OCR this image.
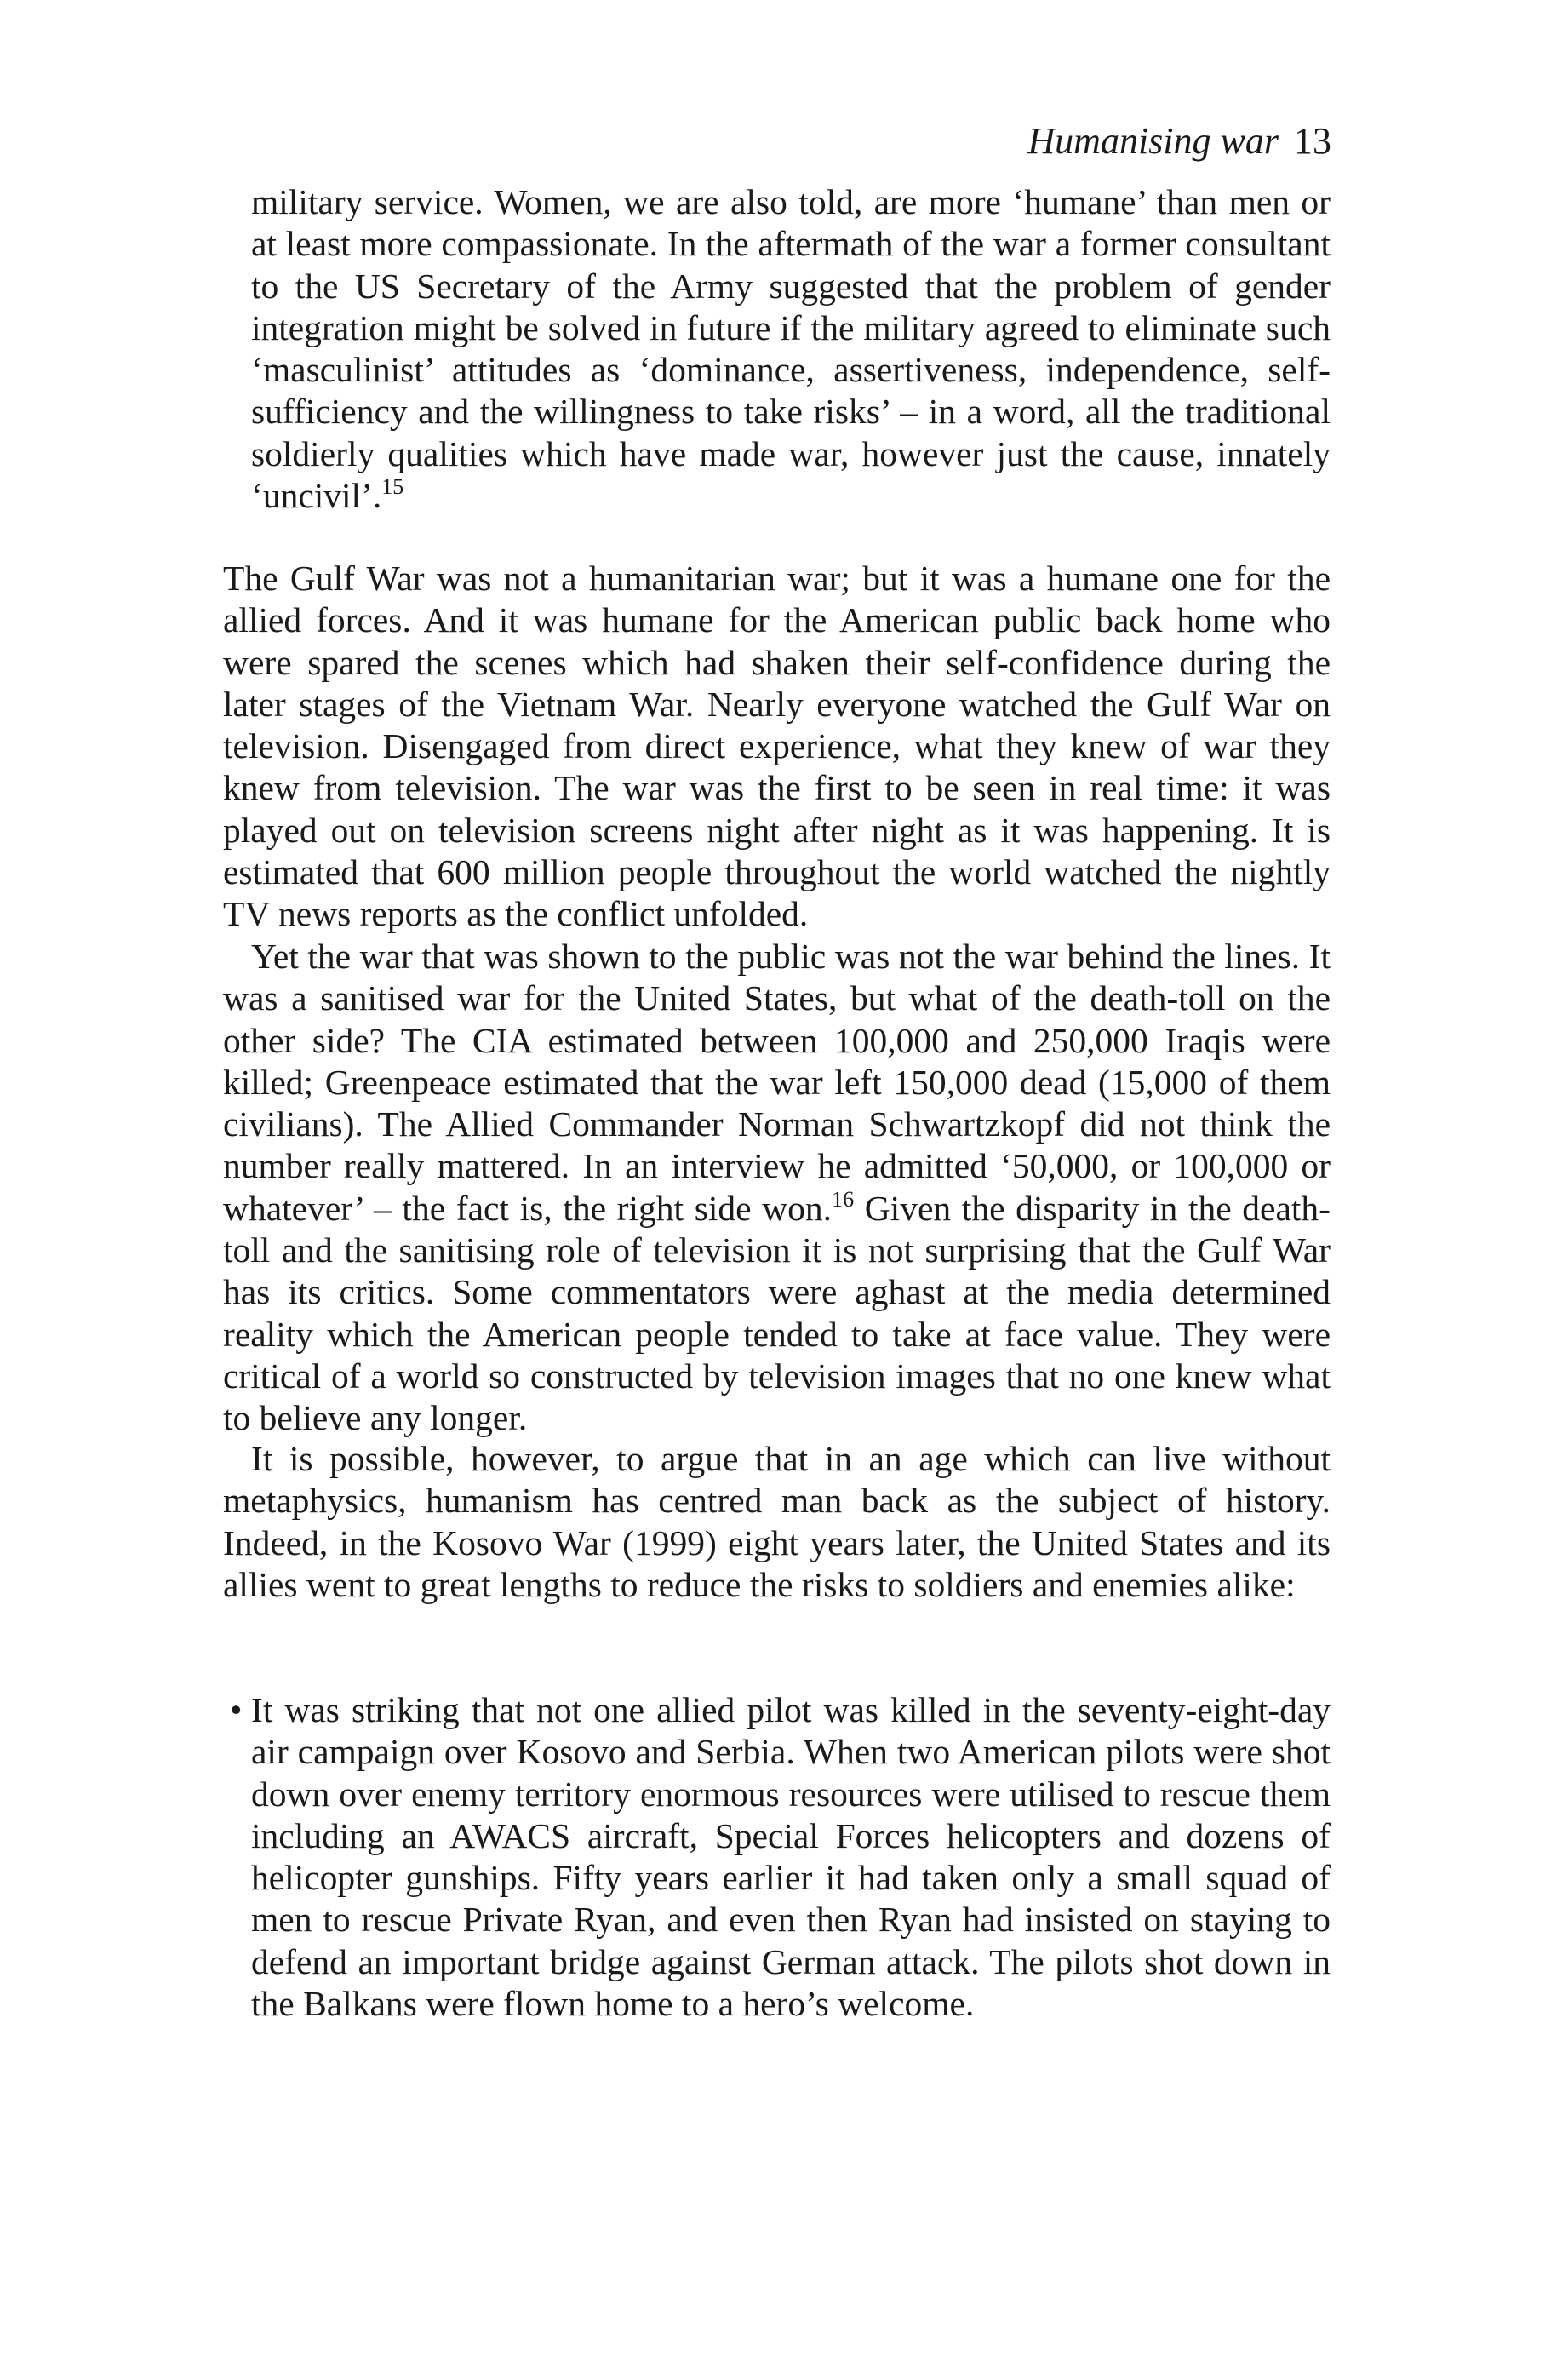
Humanising war 13

military service. Women, we are also told, are more ‘humane’ than men or at least more compassionate. In the aftermath of the war a former consultant to the US Secretary of the Army suggested that the problem of gender integration might be solved in future if the military agreed to eliminate such ‘masculinist’ attitudes as ‘dominance, assertiveness, independence, self-sufficiency and the willingness to take risks’ – in a word, all the traditional soldierly qualities which have made war, however just the cause, innately ‘uncivil’.$^{15}$

The Gulf War was not a humanitarian war; but it was a humane one for the allied forces. And it was humane for the American public back home who were spared the scenes which had shaken their self-confidence during the later stages of the Vietnam War. Nearly everyone watched the Gulf War on television. Disengaged from direct experience, what they knew of war they knew from television. The war was the first to be seen in real time: it was played out on television screens night after night as it was happening. It is estimated that 600 million people throughout the world watched the nightly TV news reports as the conflict unfolded.

Yet the war that was shown to the public was not the war behind the lines. It was a sanitised war for the United States, but what of the death-toll on the other side? The CIA estimated between 100,000 and 250,000 Iraqis were killed; Greenpeace estimated that the war left 150,000 dead (15,000 of them civilians). The Allied Commander Norman Schwartzkopf did not think the number really mattered. In an interview he admitted ‘50,000, or 100,000 or whatever’ – the fact is, the right side won.$^{16}$ Given the disparity in the death-toll and the sanitising role of television it is not surprising that the Gulf War has its critics. Some commentators were aghast at the media determined reality which the American people tended to take at face value. They were critical of a world so constructed by television images that no one knew what to believe any longer.

It is possible, however, to argue that in an age which can live without metaphysics, humanism has centred man back as the subject of history. Indeed, in the Kosovo War (1999) eight years later, the United States and its allies went to great lengths to reduce the risks to soldiers and enemies alike:

• It was striking that not one allied pilot was killed in the seventy-eight-day air campaign over Kosovo and Serbia. When two American pilots were shot down over enemy territory enormous resources were utilised to rescue them including an AWACS aircraft, Special Forces helicopters and dozens of helicopter gunships. Fifty years earlier it had taken only a small squad of men to rescue Private Ryan, and even then Ryan had insisted on staying to defend an important bridge against German attack. The pilots shot down in the Balkans were flown home to a hero’s welcome.
